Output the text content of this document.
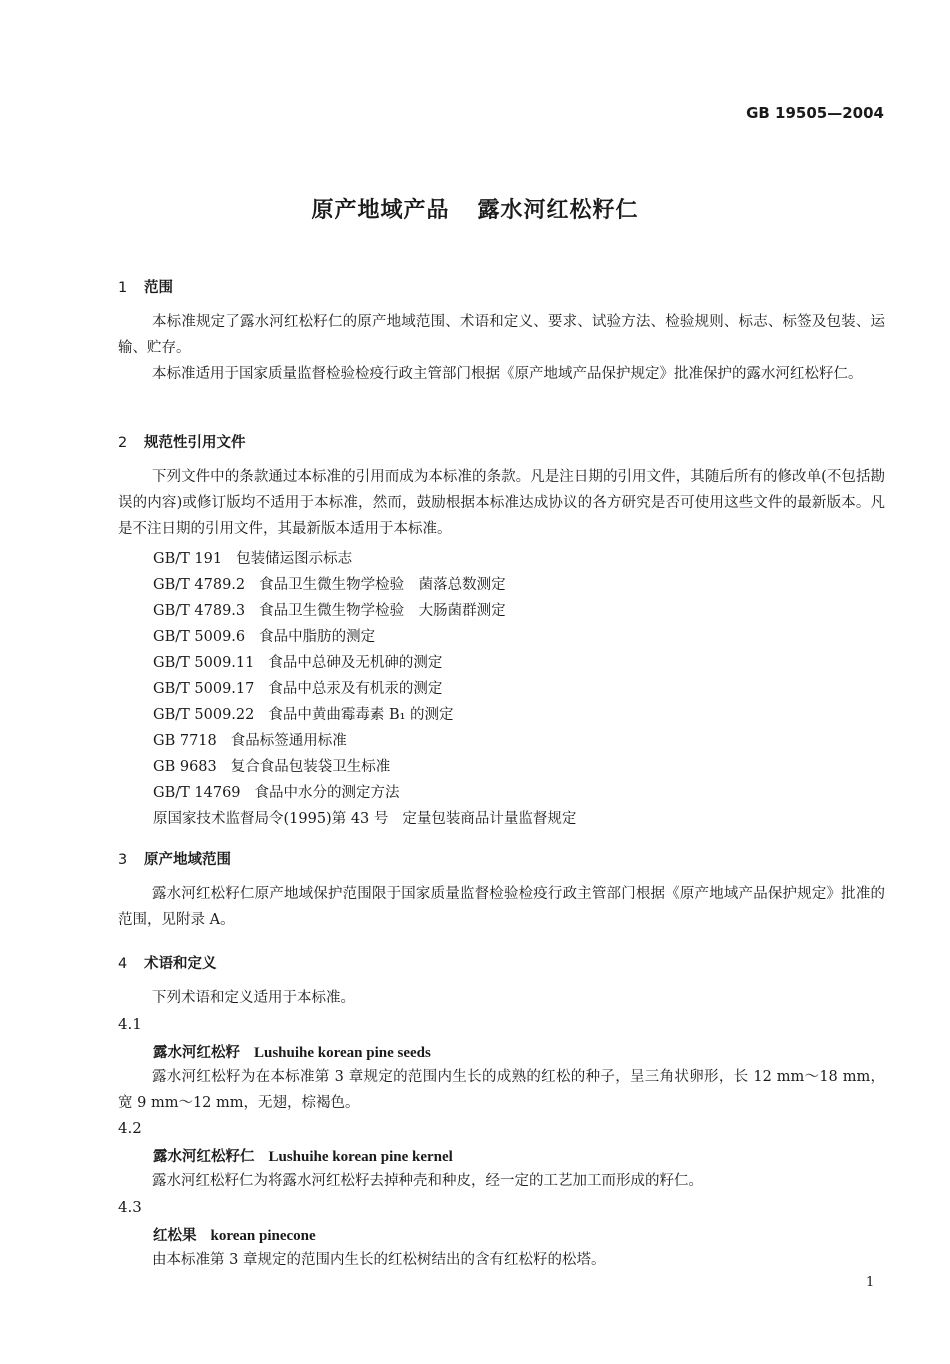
GB 19505—2004
原产地域产品 露水河红松籽仁
1 范围
本标准规定了露水河红松籽仁的原产地域范围、术语和定义、要求、试验方法、检验规则、标志、标签及包装、运输、贮存。
本标准适用于国家质量监督检验检疫行政主管部门根据《原产地域产品保护规定》批准保护的露水河红松籽仁。
2 规范性引用文件
下列文件中的条款通过本标准的引用而成为本标准的条款。凡是注日期的引用文件，其随后所有的修改单(不包括勘误的内容)或修订版均不适用于本标准，然而，鼓励根据本标准达成协议的各方研究是否可使用这些文件的最新版本。凡是不注日期的引用文件，其最新版本适用于本标准。
GB/T 191 包装储运图示标志
GB/T 4789.2 食品卫生微生物学检验　菌落总数测定
GB/T 4789.3 食品卫生微生物学检验　大肠菌群测定
GB/T 5009.6 食品中脂肪的测定
GB/T 5009.11 食品中总砷及无机砷的测定
GB/T 5009.17 食品中总汞及有机汞的测定
GB/T 5009.22 食品中黄曲霉毒素 B₁ 的测定
GB 7718 食品标签通用标准
GB 9683 复合食品包装袋卫生标准
GB/T 14769 食品中水分的测定方法
原国家技术监督局令(1995)第 43 号 定量包装商品计量监督规定
3 原产地域范围
露水河红松籽仁原产地域保护范围限于国家质量监督检验检疫行政主管部门根据《原产地域产品保护规定》批准的范围，见附录 A。
4 术语和定义
下列术语和定义适用于本标准。
4.1
露水河红松籽 Lushuihe korean pine seeds
露水河红松籽为在本标准第 3 章规定的范围内生长的成熟的红松的种子，呈三角状卵形，长 12 mm～18 mm，宽 9 mm～12 mm，无翅，棕褐色。
4.2
露水河红松籽仁 Lushuihe korean pine kernel
露水河红松籽仁为将露水河红松籽去掉种壳和种皮，经一定的工艺加工而形成的籽仁。
4.3
红松果 korean pinecone
由本标准第 3 章规定的范围内生长的红松树结出的含有红松籽的松塔。
1
